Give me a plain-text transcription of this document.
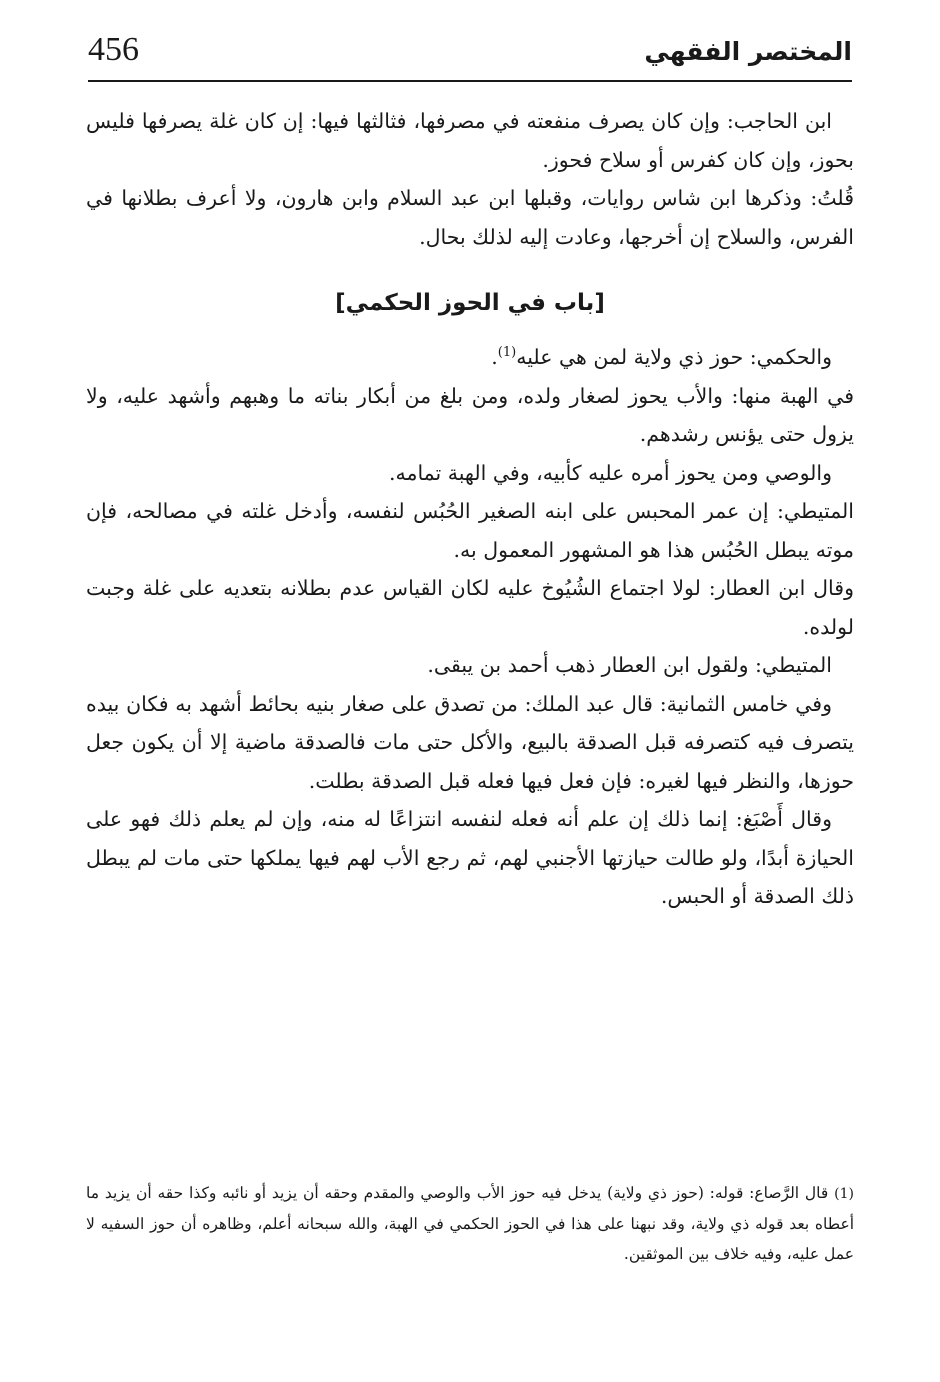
456	المختصر الفقهي

ابن الحاجب: وإن كان يصرف منفعته في مصرفها، فثالثها فيها: إن كان غلة يصرفها فليس بحوز، وإن كان كفرس أو سلاح فحوز.

قُلتُ: وذكرها ابن شاس روايات، وقبلها ابن عبد السلام وابن هارون، ولا أعرف بطلانها في الفرس، والسلاح إن أخرجها، وعادت إليه لذلك بحال.

[باب في الحوز الحكمي]

والحكمي: حوز ذي ولاية لمن هي عليه$^{(1)}$.

في الهبة منها: والأب يحوز لصغار ولده، ومن بلغ من أبكار بناته ما وهبهم وأشهد عليه، ولا يزول حتى يؤنس رشدهم.

والوصي ومن يحوز أمره عليه كأبيه، وفي الهبة تمامه.

المتيطي: إن عمر المحبس على ابنه الصغير الحُبُس لنفسه، وأدخل غلته في مصالحه، فإن موته يبطل الحُبُس هذا هو المشهور المعمول به.

وقال ابن العطار: لولا اجتماع الشُيُوخ عليه لكان القياس عدم بطلانه بتعديه على غلة وجبت لولده.

المتيطي: ولقول ابن العطار ذهب أحمد بن يبقى.

وفي خامس الثمانية: قال عبد الملك: من تصدق على صغار بنيه بحائط أشهد به فكان بيده يتصرف فيه كتصرفه قبل الصدقة بالبيع، والأكل حتى مات فالصدقة ماضية إلا أن يكون جعل حوزها، والنظر فيها لغيره: فإن فعل فيها فعله قبل الصدقة بطلت.

وقال أَصْبَغ: إنما ذلك إن علم أنه فعله لنفسه انتزاعًا له منه، وإن لم يعلم ذلك فهو على الحيازة أبدًا، ولو طالت حيازتها الأجنبي لهم، ثم رجع الأب لهم فيها يملكها حتى مات لم يبطل ذلك الصدقة أو الحبس.

(1) قال الرَّصاع: قوله: (حوز ذي ولاية) يدخل فيه حوز الأب والوصي والمقدم وحقه أن يزيد أو نائبه وكذا حقه أن يزيد ما أعطاه بعد قوله ذي ولاية، وقد نبهنا على هذا في الحوز الحكمي في الهبة، والله سبحانه أعلم، وظاهره أن حوز السفيه لا عمل عليه، وفيه خلاف بين الموثقين.
